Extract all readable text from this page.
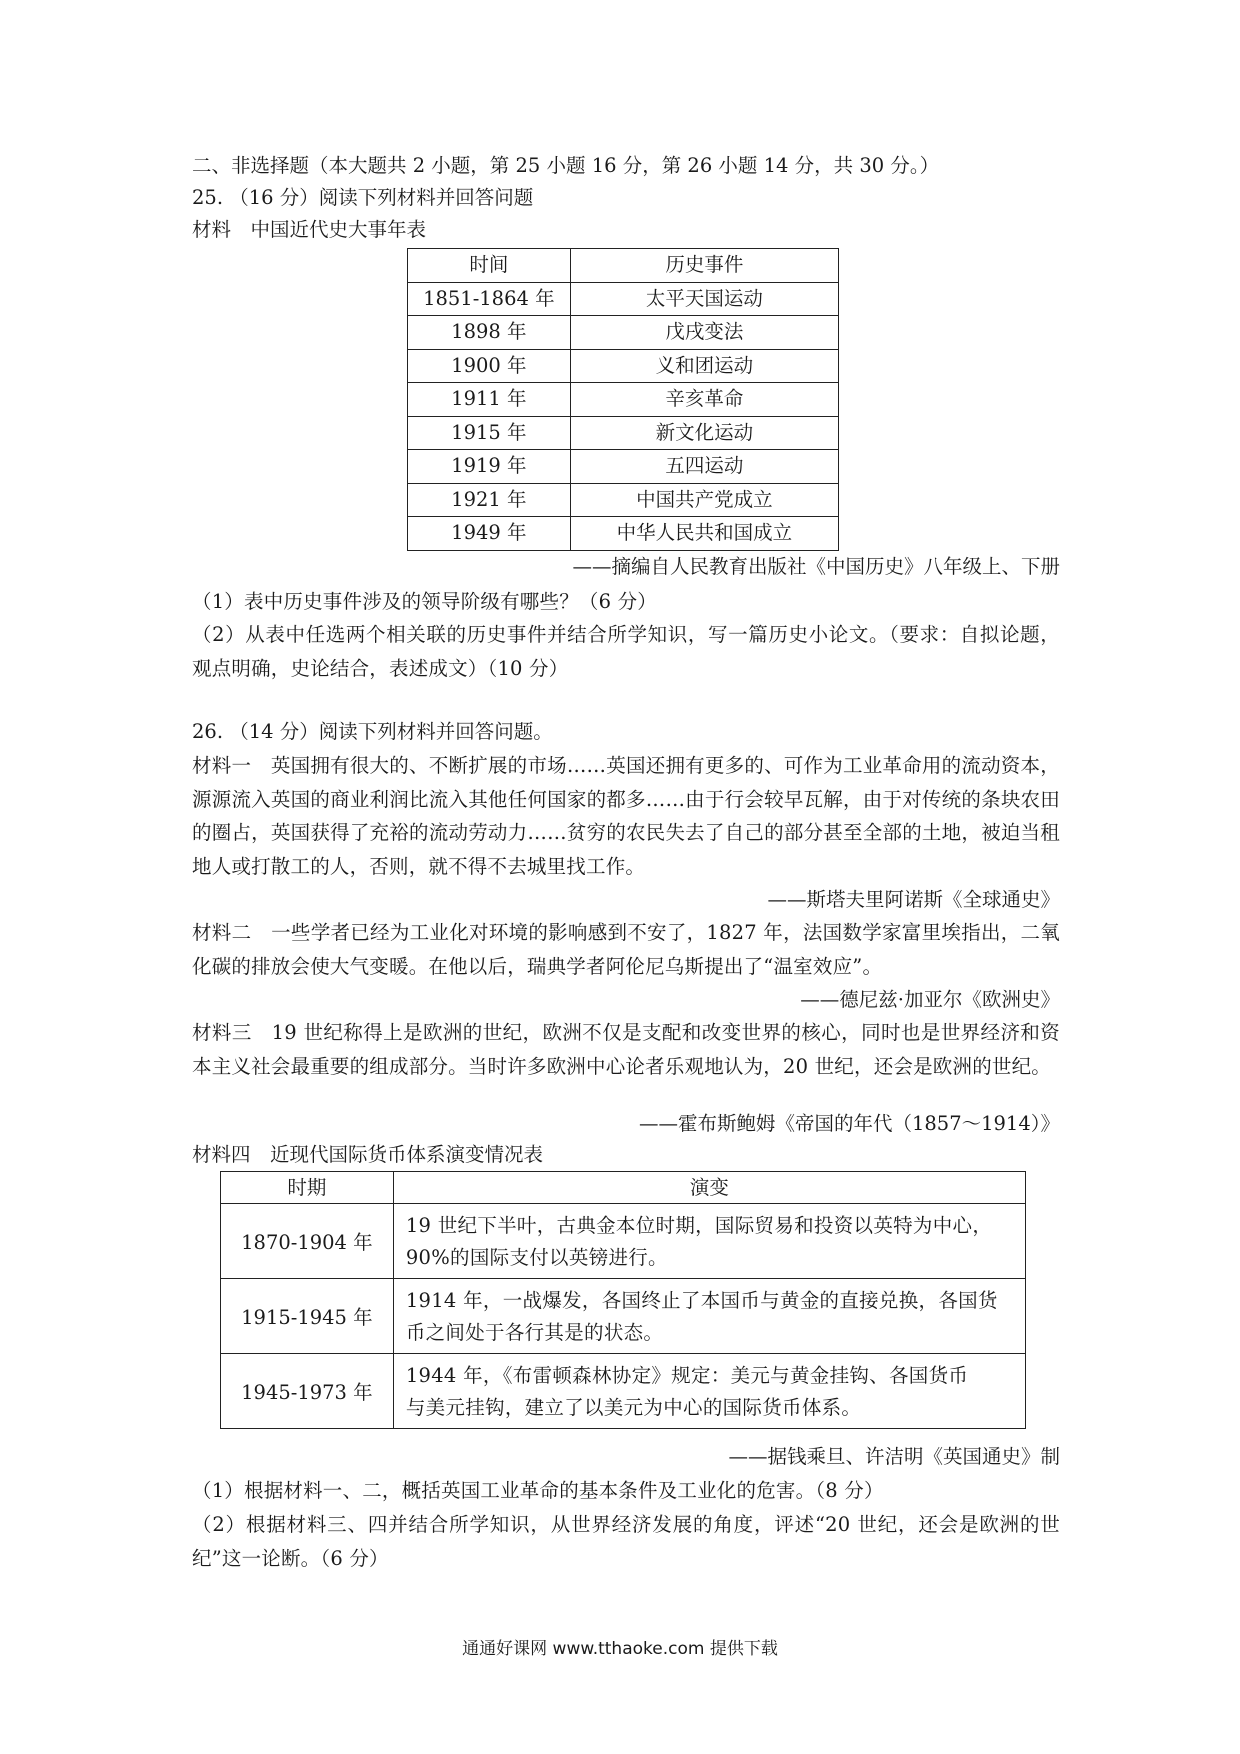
二、非选择题（本大题共 2 小题，第 25 小题 16 分，第 26 小题 14 分，共 30 分。）
25. （16 分）阅读下列材料并回答问题
材料　中国近代史大事年表
时间	历史事件
1851-1864 年	太平天国运动
1898 年	戊戌变法
1900 年	义和团运动
1911 年	辛亥革命
1915 年	新文化运动
1919 年	五四运动
1921 年	中国共产党成立
1949 年	中华人民共和国成立
——摘编自人民教育出版社《中国历史》八年级上、下册
（1）表中历史事件涉及的领导阶级有哪些？（6 分）
（2）从表中任选两个相关联的历史事件并结合所学知识，写一篇历史小论文。（要求：自拟论题，观点明确，史论结合，表述成文）（10 分）
26. （14 分）阅读下列材料并回答问题。
材料一　英国拥有很大的、不断扩展的市场……英国还拥有更多的、可作为工业革命用的流动资本，源源流入英国的商业利润比流入其他任何国家的都多……由于行会较早瓦解，由于对传统的条块农田的圈占，英国获得了充裕的流动劳动力……贫穷的农民失去了自己的部分甚至全部的土地，被迫当租地人或打散工的人，否则，就不得不去城里找工作。
——斯塔夫里阿诺斯《全球通史》
材料二　一些学者已经为工业化对环境的影响感到不安了，1827 年，法国数学家富里埃指出，二氧化碳的排放会使大气变暖。在他以后，瑞典学者阿伦尼乌斯提出了“温室效应”。
——德尼兹·加亚尔《欧洲史》
材料三　19 世纪称得上是欧洲的世纪，欧洲不仅是支配和改变世界的核心，同时也是世界经济和资本主义社会最重要的组成部分。当时许多欧洲中心论者乐观地认为，20 世纪，还会是欧洲的世纪。
——霍布斯鲍姆《帝国的年代（1857～1914）》
材料四　近现代国际货币体系演变情况表
时期	演变
1870-1904 年	19 世纪下半叶，古典金本位时期，国际贸易和投资以英特为中心，90%的国际支付以英镑进行。
1915-1945 年	1914 年，一战爆发，各国终止了本国币与黄金的直接兑换，各国货币之间处于各行其是的状态。
1945-1973 年	1944 年，《布雷顿森林协定》规定：美元与黄金挂钩、各国货币
与美元挂钩，建立了以美元为中心的国际货币体系。
——据钱乘旦、许洁明《英国通史》制
（1）根据材料一、二，概括英国工业革命的基本条件及工业化的危害。（8 分）
（2）根据材料三、四并结合所学知识，从世界经济发展的角度，评述“20 世纪，还会是欧洲的世纪”这一论断。（6 分）
通通好课网 www.tthaoke.com 提供下载
